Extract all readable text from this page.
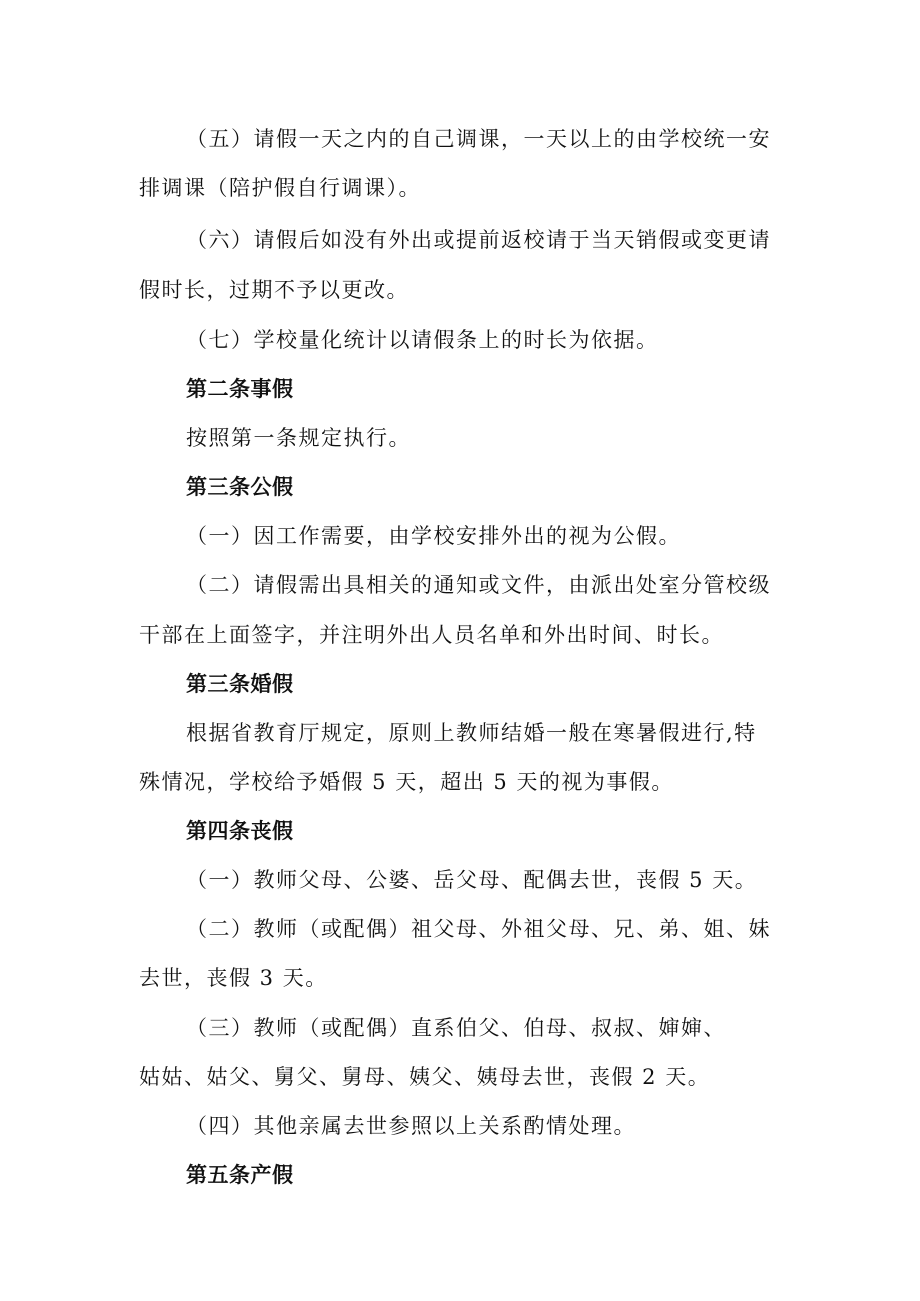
（五）请假一天之内的自己调课，一天以上的由学校统一安
排调课（陪护假自行调课）。
（六）请假后如没有外出或提前返校请于当天销假或变更请
假时长，过期不予以更改。
（七）学校量化统计以请假条上的时长为依据。
第二条事假
按照第一条规定执行。
第三条公假
（一）因工作需要，由学校安排外出的视为公假。
（二）请假需出具相关的通知或文件，由派出处室分管校级
干部在上面签字，并注明外出人员名单和外出时间、时长。
第三条婚假
根据省教育厅规定，原则上教师结婚一般在寒暑假进行,特
殊情况，学校给予婚假 5 天，超出 5 天的视为事假。
第四条丧假
（一）教师父母、公婆、岳父母、配偶去世，丧假 5 天。
（二）教师（或配偶）祖父母、外祖父母、兄、弟、姐、妹
去世，丧假 3 天。
（三）教师（或配偶）直系伯父、伯母、叔叔、婶婶、
姑姑、姑父、舅父、舅母、姨父、姨母去世，丧假 2 天。
（四）其他亲属去世参照以上关系酌情处理。
第五条产假
